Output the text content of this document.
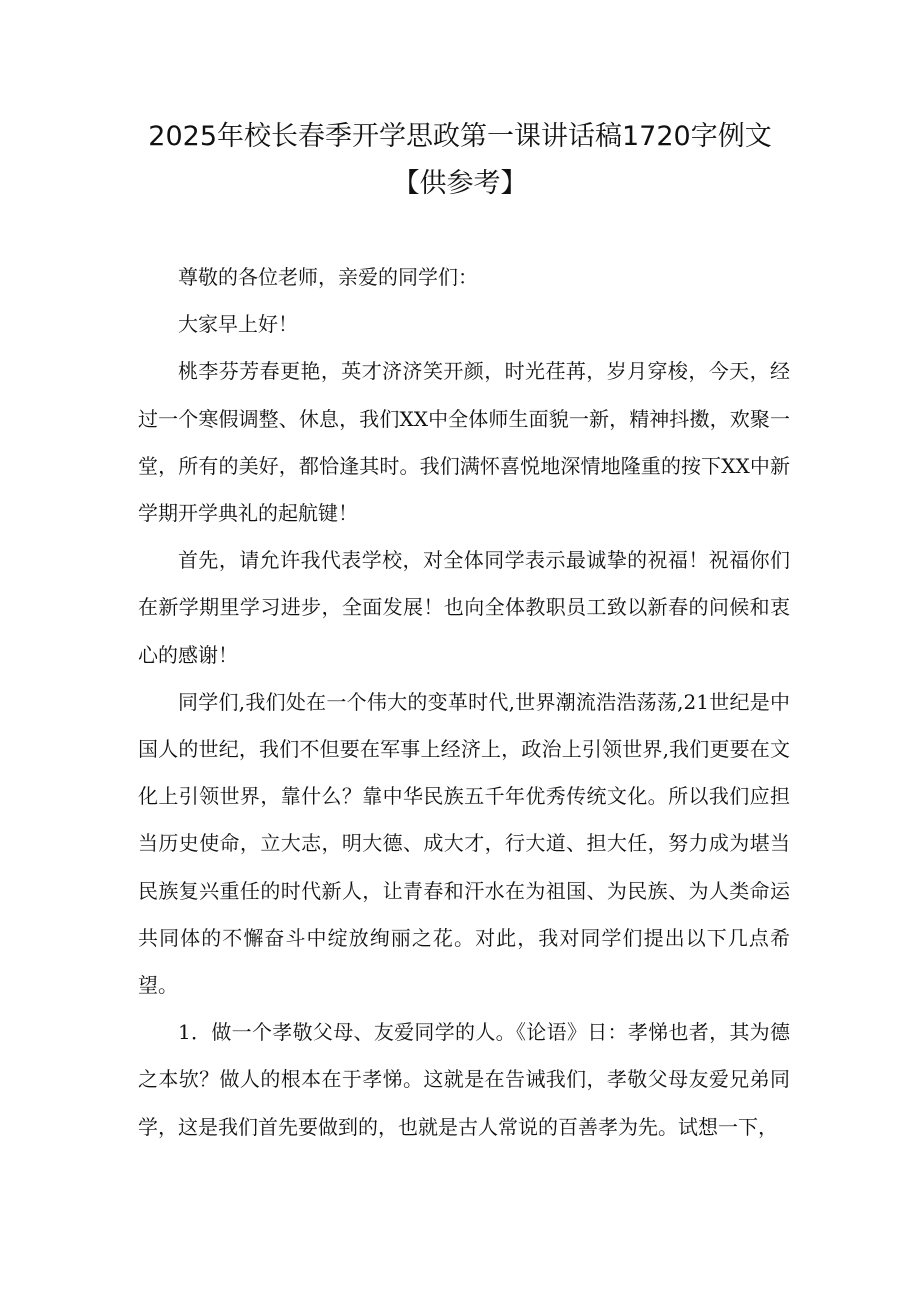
2025年校长春季开学思政第一课讲话稿1720字例文
【供参考】

尊敬的各位老师，亲爱的同学们：

大家早上好！

桃李芬芳春更艳，英才济济笑开颜，时光荏苒，岁月穿梭，今天，经过一个寒假调整、休息，我们XX中全体师生面貌一新，精神抖擞，欢聚一堂，所有的美好，都恰逢其时。我们满怀喜悦地深情地隆重的按下XX中新学期开学典礼的起航键！

首先，请允许我代表学校，对全体同学表示最诚挚的祝福！祝福你们在新学期里学习进步，全面发展！也向全体教职员工致以新春的问候和衷心的感谢！

同学们,我们处在一个伟大的变革时代,世界潮流浩浩荡荡,21世纪是中国人的世纪，我们不但要在军事上经济上，政治上引领世界,我们更要在文化上引领世界，靠什么？靠中华民族五千年优秀传统文化。所以我们应担当历史使命，立大志，明大德、成大才，行大道、担大任，努力成为堪当民族复兴重任的时代新人，让青春和汗水在为祖国、为民族、为人类命运共同体的不懈奋斗中绽放绚丽之花。对此，我对同学们提出以下几点希望。

1．做一个孝敬父母、友爱同学的人。《论语》日：孝悌也者，其为德之本欤？做人的根本在于孝悌。这就是在告诫我们，孝敬父母友爱兄弟同学，这是我们首先要做到的，也就是古人常说的百善孝为先。试想一下，
